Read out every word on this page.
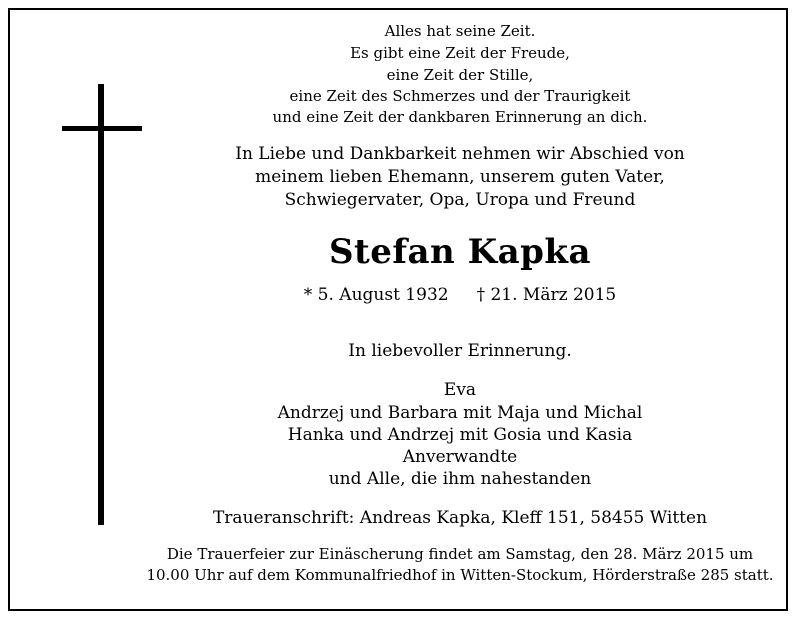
Alles hat seine Zeit.
Es gibt eine Zeit der Freude,
eine Zeit der Stille,
eine Zeit des Schmerzes und der Traurigkeit
und eine Zeit der dankbaren Erinnerung an dich.
In Liebe und Dankbarkeit nehmen wir Abschied von
meinem lieben Ehemann, unserem guten Vater,
Schwiegervater, Opa, Uropa und Freund
Stefan Kapka
* 5. August 1932 † 21. März 2015
In liebevoller Erinnerung.
Eva
Andrzej und Barbara mit Maja und Michal
Hanka und Andrzej mit Gosia und Kasia
Anverwandte
und Alle, die ihm nahestanden
Traueranschrift: Andreas Kapka, Kleff 151, 58455 Witten
Die Trauerfeier zur Einäscherung findet am Samstag, den 28. März 2015 um
10.00 Uhr auf dem Kommunalfriedhof in Witten-Stockum, Hörderstraße 285 statt.
